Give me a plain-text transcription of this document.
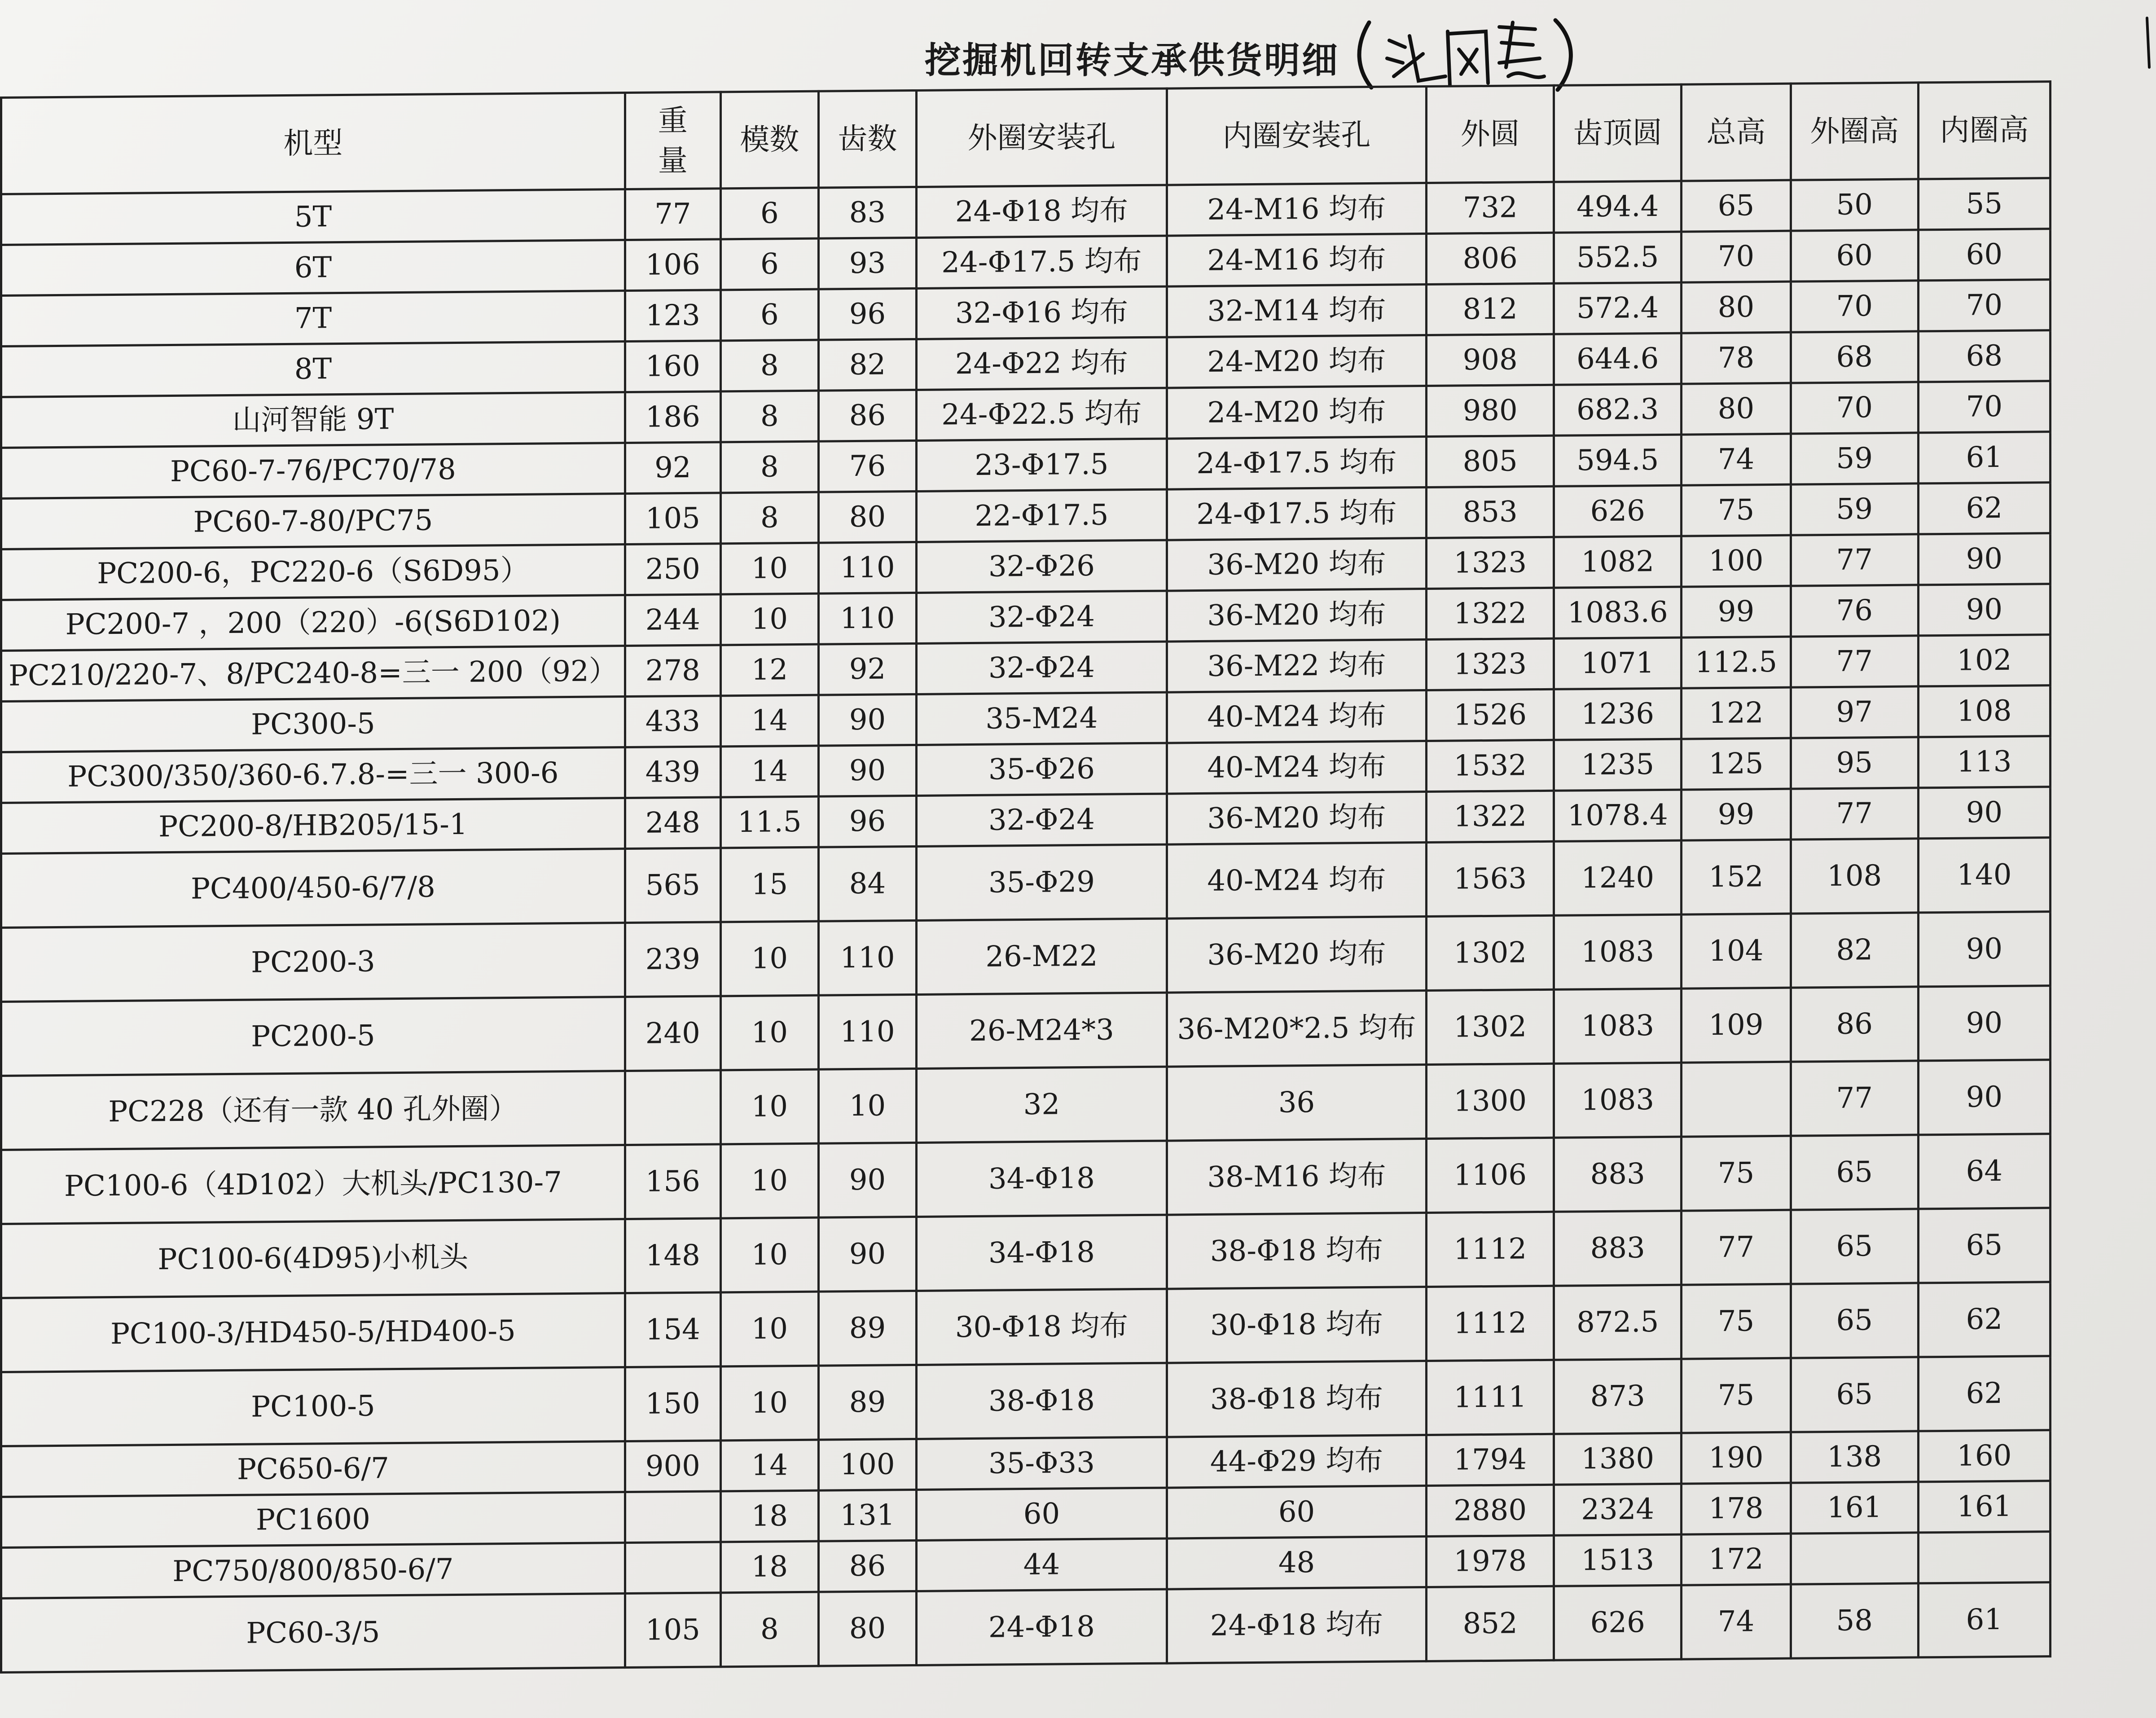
挖掘机回转支承供货明细
机型	重量	模数	齿数	外圈安装孔	内圈安装孔	外圆	齿顶圆	总高	外圈高	内圈高
5T	77	6	83	24-Φ18 均布	24-M16 均布	732	494.4	65	50	55
6T	106	6	93	24-Φ17.5 均布	24-M16 均布	806	552.5	70	60	60
7T	123	6	96	32-Φ16 均布	32-M14 均布	812	572.4	80	70	70
8T	160	8	82	24-Φ22 均布	24-M20 均布	908	644.6	78	68	68
山河智能 9T	186	8	86	24-Φ22.5 均布	24-M20 均布	980	682.3	80	70	70
PC60-7-76/PC70/78	92	8	76	23-Φ17.5	24-Φ17.5 均布	805	594.5	74	59	61
PC60-7-80/PC75	105	8	80	22-Φ17.5	24-Φ17.5 均布	853	626	75	59	62
PC200-6，PC220-6（S6D95）	250	10	110	32-Φ26	36-M20 均布	1323	1082	100	77	90
PC200-7 ，200（220）-6(S6D102)	244	10	110	32-Φ24	36-M20 均布	1322	1083.6	99	76	90
PC210/220-7、8/PC240-8=三一 200（92）	278	12	92	32-Φ24	36-M22 均布	1323	1071	112.5	77	102
PC300-5	433	14	90	35-M24	40-M24 均布	1526	1236	122	97	108
PC300/350/360-6.7.8-=三一 300-6	439	14	90	35-Φ26	40-M24 均布	1532	1235	125	95	113
PC200-8/HB205/15-1	248	11.5	96	32-Φ24	36-M20 均布	1322	1078.4	99	77	90
PC400/450-6/7/8	565	15	84	35-Φ29	40-M24 均布	1563	1240	152	108	140
PC200-3	239	10	110	26-M22	36-M20 均布	1302	1083	104	82	90
PC200-5	240	10	110	26-M24*3	36-M20*2.5 均布	1302	1083	109	86	90
PC228（还有一款 40 孔外圈）		10	10	32	36	1300	1083		77	90
PC100-6（4D102）大机头/PC130-7	156	10	90	34-Φ18	38-M16 均布	1106	883	75	65	64
PC100-6(4D95)小机头	148	10	90	34-Φ18	38-Φ18 均布	1112	883	77	65	65
PC100-3/HD450-5/HD400-5	154	10	89	30-Φ18 均布	30-Φ18 均布	1112	872.5	75	65	62
PC100-5	150	10	89	38-Φ18	38-Φ18 均布	1111	873	75	65	62
PC650-6/7	900	14	100	35-Φ33	44-Φ29 均布	1794	1380	190	138	160
PC1600		18	131	60	60	2880	2324	178	161	161
PC750/800/850-6/7		18	86	44	48	1978	1513	172		
PC60-3/5	105	8	80	24-Φ18	24-Φ18 均布	852	626	74	58	61
